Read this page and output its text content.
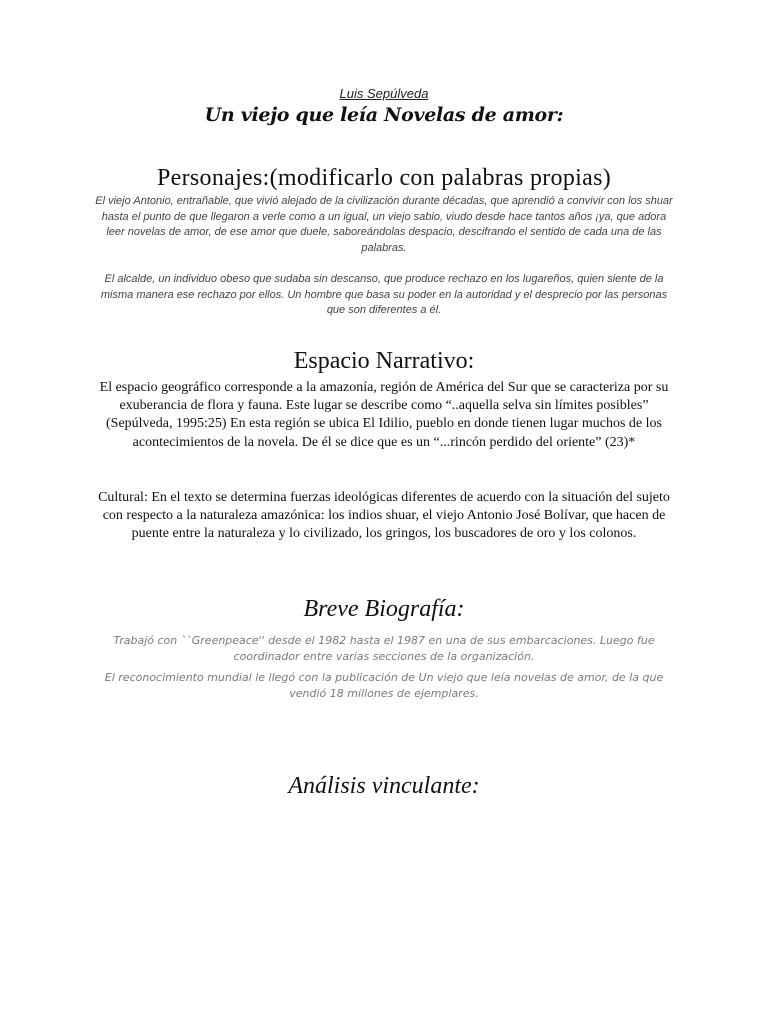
Luis Sepúlveda
Un viejo que leía Novelas de amor:
Personajes:(modificarlo con palabras propias)
El viejo Antonio, entrañable, que vivió alejado de la civilización durante décadas, que aprendió a convivir con los shuar hasta el punto de que llegaron a verle como a un igual, un viejo sabio, viudo desde hace tantos años ¡ya, que adora leer novelas de amor, de ese amor que duele, saboreándolas despacio, descifrando el sentido de cada una de las palabras.
El alcalde, un individuo obeso que sudaba sin descanso, que produce rechazo en los lugareños, quien siente de la misma manera ese rechazo por ellos. Un hombre que basa su poder en la autoridad y el desprecio por las personas que son diferentes a él.
Espacio Narrativo:
El espacio geográfico corresponde a la amazonía, región de América del Sur que se caracteriza por su exuberancia de flora y fauna. Este lugar se describe como “..aquella selva sin límites posibles” (Sepúlveda, 1995:25) En esta región se ubica El Idilio, pueblo en donde tienen lugar muchos de los acontecimientos de la novela. De él se dice que es un “...rincón perdido del oriente” (23)*
Cultural: En el texto se determina fuerzas ideológicas diferentes de acuerdo con la situación del sujeto con respecto a la naturaleza amazónica: los indios shuar, el viejo Antonio José Bolívar, que hacen de puente entre la naturaleza y lo civilizado, los gringos, los buscadores de oro y los colonos.
Breve Biografía:
Trabajó con ``Greenpeace'' desde el 1982 hasta el 1987 en una de sus embarcaciones. Luego fue coordinador entre varias secciones de la organización.
El reconocimiento mundial le llegó con la publicación de Un viejo que leía novelas de amor, de la que vendió 18 millones de ejemplares.
Análisis vinculante:
